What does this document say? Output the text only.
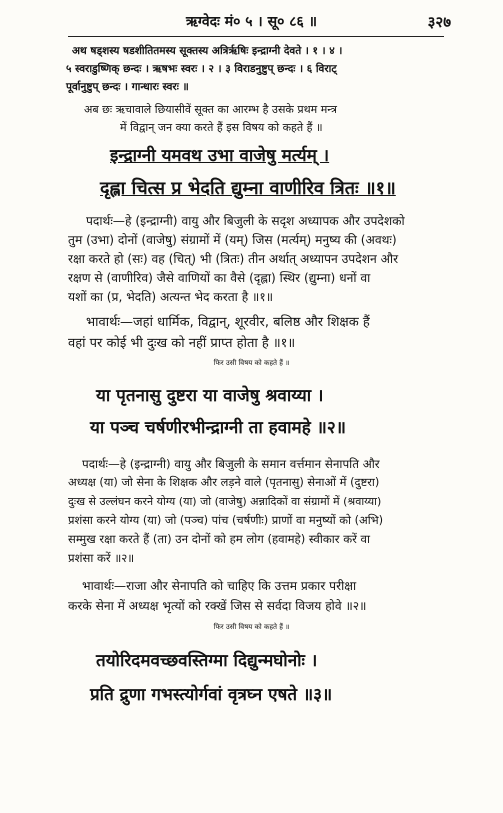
ऋग्वेदः मं० ५ । सू० ८६ ॥	३२७
अथ षड्शस्य षडशीतितमस्य सूक्तस्य अत्रिर्ऋषिः इन्द्राग्नी देवते । १ । ४ ।
५ स्वराडुष्णिक् छन्दः । ऋषभः स्वरः । २ । ३ विराडनुष्टुप् छन्दः । ६ विराट्
पूर्वानुष्टुप् छन्दः । गान्धारः स्वरः ॥
अब छः ऋचावाले छियासीवें सूक्त का आरम्भ है उसके प्रथम मन्त्र
में विद्वान् जन क्या करते हैं इस विषय को कहते हैं ॥
इन्द्राग्नी यमवथ उभा वाजेषु मर्त्यम् ।
दृह्ला चित्स प्र भेदति द्युम्ना वाणीरिव त्रितः ॥१॥
पदार्थः—हे (इन्द्राग्नी) वायु और बिजुली के सदृश अध्यापक और उपदेशको
तुम (उभा) दोनों (वाजेषु) संग्रामों में (यम्) जिस (मर्त्यम्) मनुष्य की (अवथः)
रक्षा करते हो (सः) वह (चित्) भी (त्रितः) तीन अर्थात् अध्यापन उपदेशन और
रक्षण से (वाणीरिव) जैसे वाणियों का वैसे (दृह्ला) स्थिर (द्युम्ना) धनों वा
यशों का (प्र, भेदति) अत्यन्त भेद करता है ॥१॥
भावार्थः—जहां धार्मिक, विद्वान्, शूरवीर, बलिष्ठ और शिक्षक हैं
वहां पर कोई भी दुःख को नहीं प्राप्त होता है ॥१॥
फिर उसी विषय को कहते हैं ॥
या पृतनासु दुष्टरा या वाजेषु श्रवाय्या ।
या पञ्च चर्षणीरभीन्द्राग्नी ता हवामहे ॥२॥
पदार्थः—हे (इन्द्राग्नी) वायु और बिजुली के समान वर्त्तमान सेनापति और
अध्यक्ष (या) जो सेना के शिक्षक और लड़ने वाले (पृतनासु) सेनाओं में (दुष्टरा)
दुःख से उल्लंघन करने योग्य (या) जो (वाजेषु) अन्नादिकों वा संग्रामों में (श्रवाय्या)
प्रशंसा करने योग्य (या) जो (पञ्च) पांच (चर्षणीः) प्राणों वा मनुष्यों को (अभि)
सम्मुख रक्षा करते हैं (ता) उन दोनों को हम लोग (हवामहे) स्वीकार करें वा
प्रशंसा करें ॥२॥
भावार्थः—राजा और सेनापति को चाहिए कि उत्तम प्रकार परीक्षा
करके सेना में अध्यक्ष भृत्यों को रक्खें जिस से सर्वदा विजय होवे ॥२॥
फिर उसी विषय को कहते हैं ॥
तयोरिदमवच्छवस्तिग्मा दिद्युन्मघोनोः ।
प्रति द्रुणा गभस्त्योर्गवां वृत्रघ्न एषते ॥३॥
